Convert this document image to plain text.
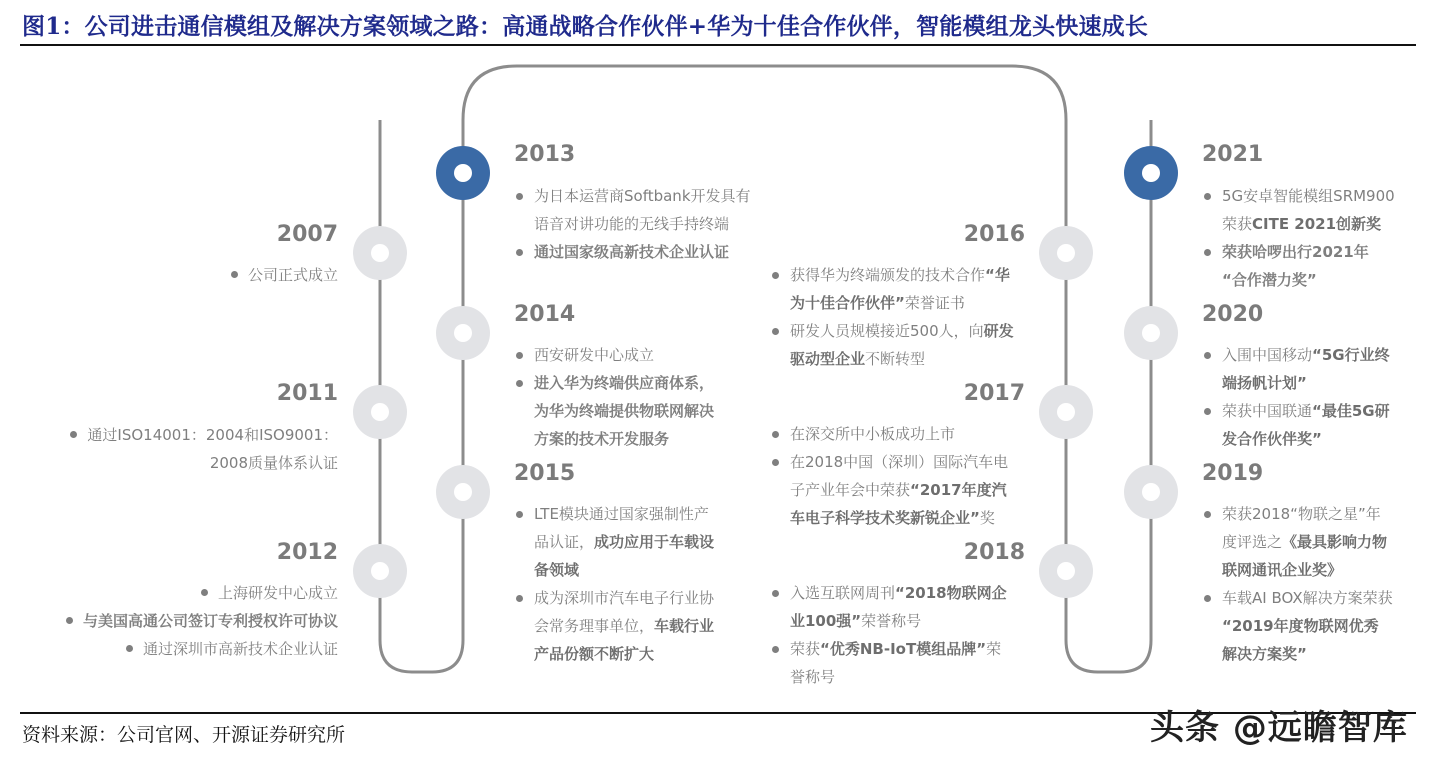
图1：公司进击通信模组及解决方案领域之路：高通战略合作伙伴+华为十佳合作伙伴，智能模组龙头快速成长
2007
公司正式成立
2011
通过ISO14001：2004和ISO9001：
2008质量体系认证
2012
上海研发中心成立
与美国高通公司签订专利授权许可协议
通过深圳市高新技术企业认证
2013
为日本运营商Softbank开发具有
语音对讲功能的无线手持终端
通过国家级高新技术企业认证
2014
西安研发中心成立
进入华为终端供应商体系，
为华为终端提供物联网解决
方案的技术开发服务
2015
LTE模块通过国家强制性产
品认证，成功应用于车载设
备领域
成为深圳市汽车电子行业协
会常务理事单位，车载行业
产品份额不断扩大
2016
获得华为终端颁发的技术合作“华
为十佳合作伙伴”荣誉证书
研发人员规模接近500人，向研发
驱动型企业不断转型
2017
在深交所中小板成功上市
在2018中国（深圳）国际汽车电
子产业年会中荣获“2017年度汽
车电子科学技术奖新锐企业”奖
2018
入选互联网周刊“2018物联网企
业100强”荣誉称号
荣获“优秀NB-IoT模组品牌”荣
誉称号
2021
5G安卓智能模组SRM900
荣获CITE 2021创新奖
荣获哈啰出行2021年
“合作潜力奖”
2020
入围中国移动“5G行业终
端扬帆计划”
荣获中国联通“最佳5G研
发合作伙伴奖”
2019
荣获2018“物联之星”年
度评选之《最具影响力物
联网通讯企业奖》
车载AI BOX解决方案荣获
“2019年度物联网优秀
解决方案奖”
资料来源：公司官网、开源证券研究所	头条 @远瞻智库
